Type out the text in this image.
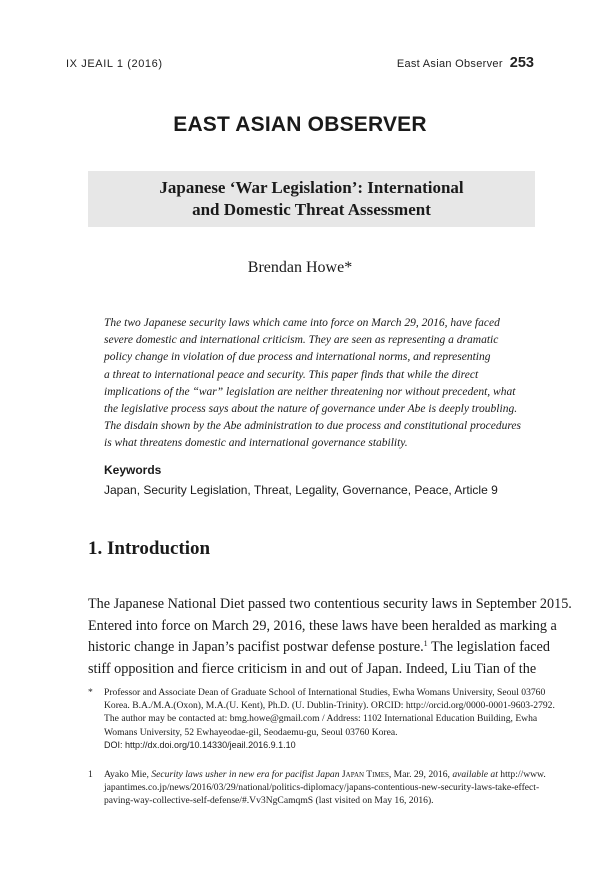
IX JEAIL 1 (2016)	East Asian Observer 253
EAST ASIAN OBSERVER
Japanese ‘War Legislation’: International
and Domestic Threat Assessment
Brendan Howe*
The two Japanese security laws which came into force on March 29, 2016, have faced
severe domestic and international criticism. They are seen as representing a dramatic
policy change in violation of due process and international norms, and representing
a threat to international peace and security. This paper finds that while the direct
implications of the “war” legislation are neither threatening nor without precedent, what
the legislative process says about the nature of governance under Abe is deeply troubling.
The disdain shown by the Abe administration to due process and constitutional procedures
is what threatens domestic and international governance stability.
Keywords
Japan, Security Legislation, Threat, Legality, Governance, Peace, Article 9
1. Introduction
The Japanese National Diet passed two contentious security laws in September 2015.
Entered into force on March 29, 2016, these laws have been heralded as marking a
historic change in Japan’s pacifist postwar defense posture.$^1$ The legislation faced
stiff opposition and fierce criticism in and out of Japan. Indeed, Liu Tian of the
*	Professor and Associate Dean of Graduate School of International Studies, Ewha Womans University, Seoul 03760
Korea. B.A./M.A.(Oxon), M.A.(U. Kent), Ph.D. (U. Dublin-Trinity). ORCID: http://orcid.org/0000-0001-9603-2792.
The author may be contacted at: bmg.howe@gmail.com / Address: 1102 International Education Building, Ewha
Womans University, 52 Ewhayeodae-gil, Seodaemu-gu, Seoul 03760 Korea.
DOI: http://dx.doi.org/10.14330/jeail.2016.9.1.10
1	Ayako Mie, Security laws usher in new era for pacifist Japan Japan Times, Mar. 29, 2016, available at http://www.
japantimes.co.jp/news/2016/03/29/national/politics-diplomacy/japans-contentious-new-security-laws-take-effect-
paving-way-collective-self-defense/#.Vv3NgCamqmS (last visited on May 16, 2016).
